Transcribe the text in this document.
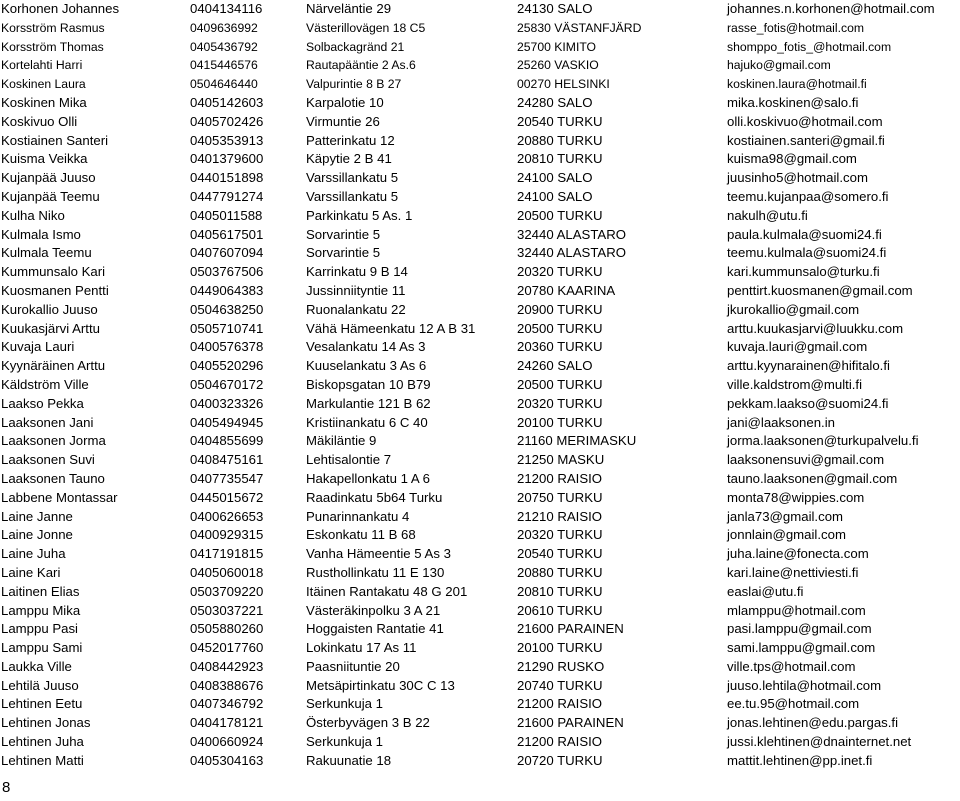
Korhonen Johannes	0404134116	Närveläntie 29	24130 SALO	johannes.n.korhonen@hotmail.com
Korsström Rasmus	0409636992	Västerillovägen 18 C5	25830 VÄSTANFJÄRD	rasse_fotis@hotmail.com
Korsström Thomas	0405436792	Solbackagränd 21	25700 KIMITO	shomppo_fotis_@hotmail.com
Kortelahti Harri	0415446576	Rautapääntie 2 As.6	25260 VASKIO	hajuko@gmail.com
Koskinen Laura	0504646440	Valpurintie 8 B 27	00270 HELSINKI	koskinen.laura@hotmail.fi
Koskinen Mika	0405142603	Karpalotie 10	24280 SALO	mika.koskinen@salo.fi
Koskivuo Olli	0405702426	Virmuntie 26	20540 TURKU	olli.koskivuo@hotmail.com
Kostiainen Santeri	0405353913	Patterinkatu 12	20880 TURKU	kostiainen.santeri@gmail.fi
Kuisma Veikka	0401379600	Käpytie 2 B 41	20810 TURKU	kuisma98@gmail.com
Kujanpää Juuso	0440151898	Varssillankatu 5	24100 SALO	juusinho5@hotmail.com
Kujanpää Teemu	0447791274	Varssillankatu 5	24100 SALO	teemu.kujanpaa@somero.fi
Kulha Niko	0405011588	Parkinkatu 5 As. 1	20500 TURKU	nakulh@utu.fi
Kulmala Ismo	0405617501	Sorvarintie 5	32440 ALASTARO	paula.kulmala@suomi24.fi
Kulmala Teemu	0407607094	Sorvarintie 5	32440 ALASTARO	teemu.kulmala@suomi24.fi
Kummunsalo Kari	0503767506	Karrinkatu 9 B 14	20320 TURKU	kari.kummunsalo@turku.fi
Kuosmanen Pentti	0449064383	Jussinniityntie 11	20780 KAARINA	penttirt.kuosmanen@gmail.com
Kurokallio Juuso	0504638250	Ruonalankatu 22	20900 TURKU	jkurokallio@gmail.com
Kuukasjärvi Arttu	0505710741	Vähä Hämeenkatu 12 A B 31	20500 TURKU	arttu.kuukasjarvi@luukku.com
Kuvaja Lauri	0400576378	Vesalankatu 14 As 3	20360 TURKU	kuvaja.lauri@gmail.com
Kyynäräinen Arttu	0405520296	Kuuselankatu 3 As 6	24260 SALO	arttu.kyynarainen@hifitalo.fi
Käldström Ville	0504670172	Biskopsgatan 10 B79	20500 TURKU	ville.kaldstrom@multi.fi
Laakso Pekka	0400323326	Markulantie 121 B 62	20320 TURKU	pekkam.laakso@suomi24.fi
Laaksonen Jani	0405494945	Kristiinankatu 6 C 40	20100 TURKU	jani@laaksonen.in
Laaksonen Jorma	0404855699	Mäkiläntie 9	21160 MERIMASKU	jorma.laaksonen@turkupalvelu.fi
Laaksonen Suvi	0408475161	Lehtisalontie 7	21250 MASKU	laaksonensuvi@gmail.com
Laaksonen Tauno	0407735547	Hakapellonkatu 1 A 6	21200 RAISIO	tauno.laaksonen@gmail.com
Labbene Montassar	0445015672	Raadinkatu 5b64 Turku	20750 TURKU	monta78@wippies.com
Laine Janne	0400626653	Punarinnankatu 4	21210 RAISIO	janla73@gmail.com
Laine Jonne	0400929315	Eskonkatu 11 B 68	20320 TURKU	jonnlain@gmail.com
Laine Juha	0417191815	Vanha Hämeentie 5 As 3	20540 TURKU	juha.laine@fonecta.com
Laine Kari	0405060018	Rusthollinkatu 11 E 130	20880 TURKU	kari.laine@nettiviesti.fi
Laitinen Elias	0503709220	Itäinen Rantakatu 48 G 201	20810 TURKU	easlai@utu.fi
Lamppu Mika	0503037221	Västeräkinpolku 3 A 21	20610 TURKU	mlamppu@hotmail.com
Lamppu Pasi	0505880260	Hoggaisten Rantatie 41	21600 PARAINEN	pasi.lamppu@gmail.com
Lamppu Sami	0452017760	Lokinkatu 17 As 11	20100 TURKU	sami.lamppu@gmail.com
Laukka Ville	0408442923	Paasniituntie 20	21290 RUSKO	ville.tps@hotmail.com
Lehtilä Juuso	0408388676	Metsäpirtinkatu 30C C 13	20740 TURKU	juuso.lehtila@hotmail.com
Lehtinen Eetu	0407346792	Serkunkuja 1	21200 RAISIO	ee.tu.95@hotmail.com
Lehtinen Jonas	0404178121	Österbyvägen 3 B 22	21600 PARAINEN	jonas.lehtinen@edu.pargas.fi
Lehtinen Juha	0400660924	Serkunkuja 1	21200 RAISIO	jussi.klehtinen@dnainternet.net
Lehtinen Matti	0405304163	Rakuunatie 18	20720 TURKU	mattit.lehtinen@pp.inet.fi
8
